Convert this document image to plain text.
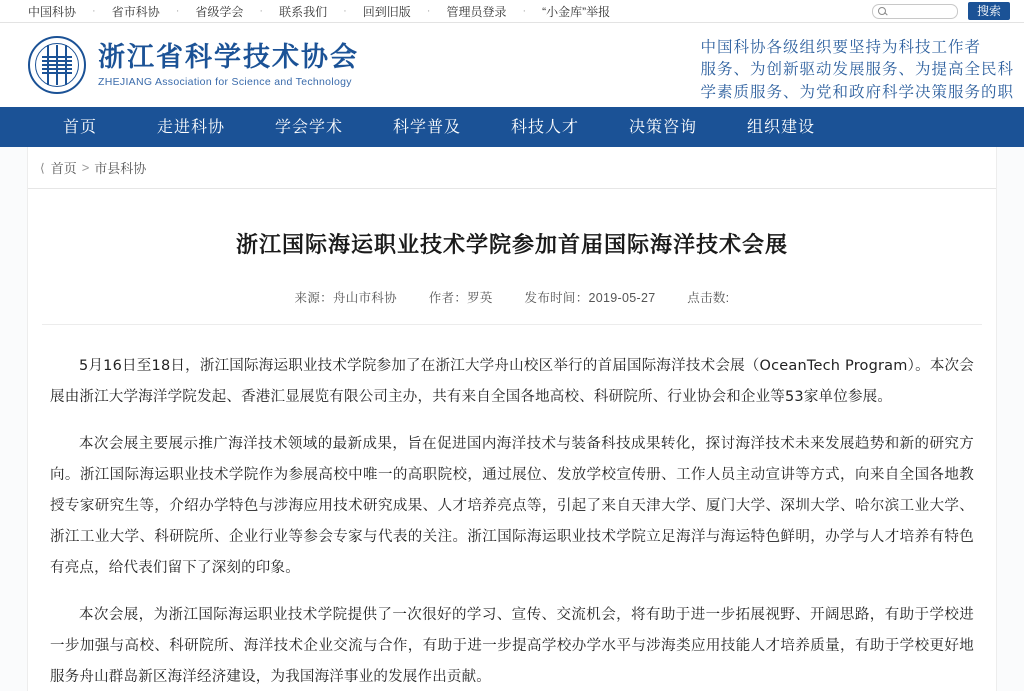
中国科协	·	省市科协	·	省级学会	·	联系我们	·	回到旧版	·	管理员登录	·	“小金库”举报	搜索
浙江省科学技术协会
ZHEJIANG Association for Science and Technology
中国科协各级组织要坚持为科技工作者
服务、为创新驱动发展服务、为提高全民科
学素质服务、为党和政府科学决策服务的职
首页	走进科协	学会学术	科学普及	科技人才	决策咨询	组织建设
⟨ 首页 > 市县科协
浙江国际海运职业技术学院参加首届国际海洋技术会展
来源：舟山市科协	作者：罗英	发布时间：2019-05-27	点击数:

5月16日至18日，浙江国际海运职业技术学院参加了在浙江大学舟山校区举行的首届国际海洋技术会展（OceanTech Program）。本次会展由浙江大学海洋学院发起、香港汇显展览有限公司主办，共有来自全国各地高校、科研院所、行业协会和企业等53家单位参展。

本次会展主要展示推广海洋技术领域的最新成果，旨在促进国内海洋技术与装备科技成果转化，探讨海洋技术未来发展趋势和新的研究方向。浙江国际海运职业技术学院作为参展高校中唯一的高职院校，通过展位、发放学校宣传册、工作人员主动宣讲等方式，向来自全国各地教授专家研究生等，介绍办学特色与涉海应用技术研究成果、人才培养亮点等，引起了来自天津大学、厦门大学、深圳大学、哈尔滨工业大学、浙江工业大学、科研院所、企业行业等参会专家与代表的关注。浙江国际海运职业技术学院立足海洋与海运特色鲜明，办学与人才培养有特色有亮点，给代表们留下了深刻的印象。

本次会展，为浙江国际海运职业技术学院提供了一次很好的学习、宣传、交流机会，将有助于进一步拓展视野、开阔思路，有助于学校进一步加强与高校、科研院所、海洋技术企业交流与合作，有助于进一步提高学校办学水平与涉海类应用技能人才培养质量，有助于学校更好地服务舟山群岛新区海洋经济建设，为我国海洋事业的发展作出贡献。
